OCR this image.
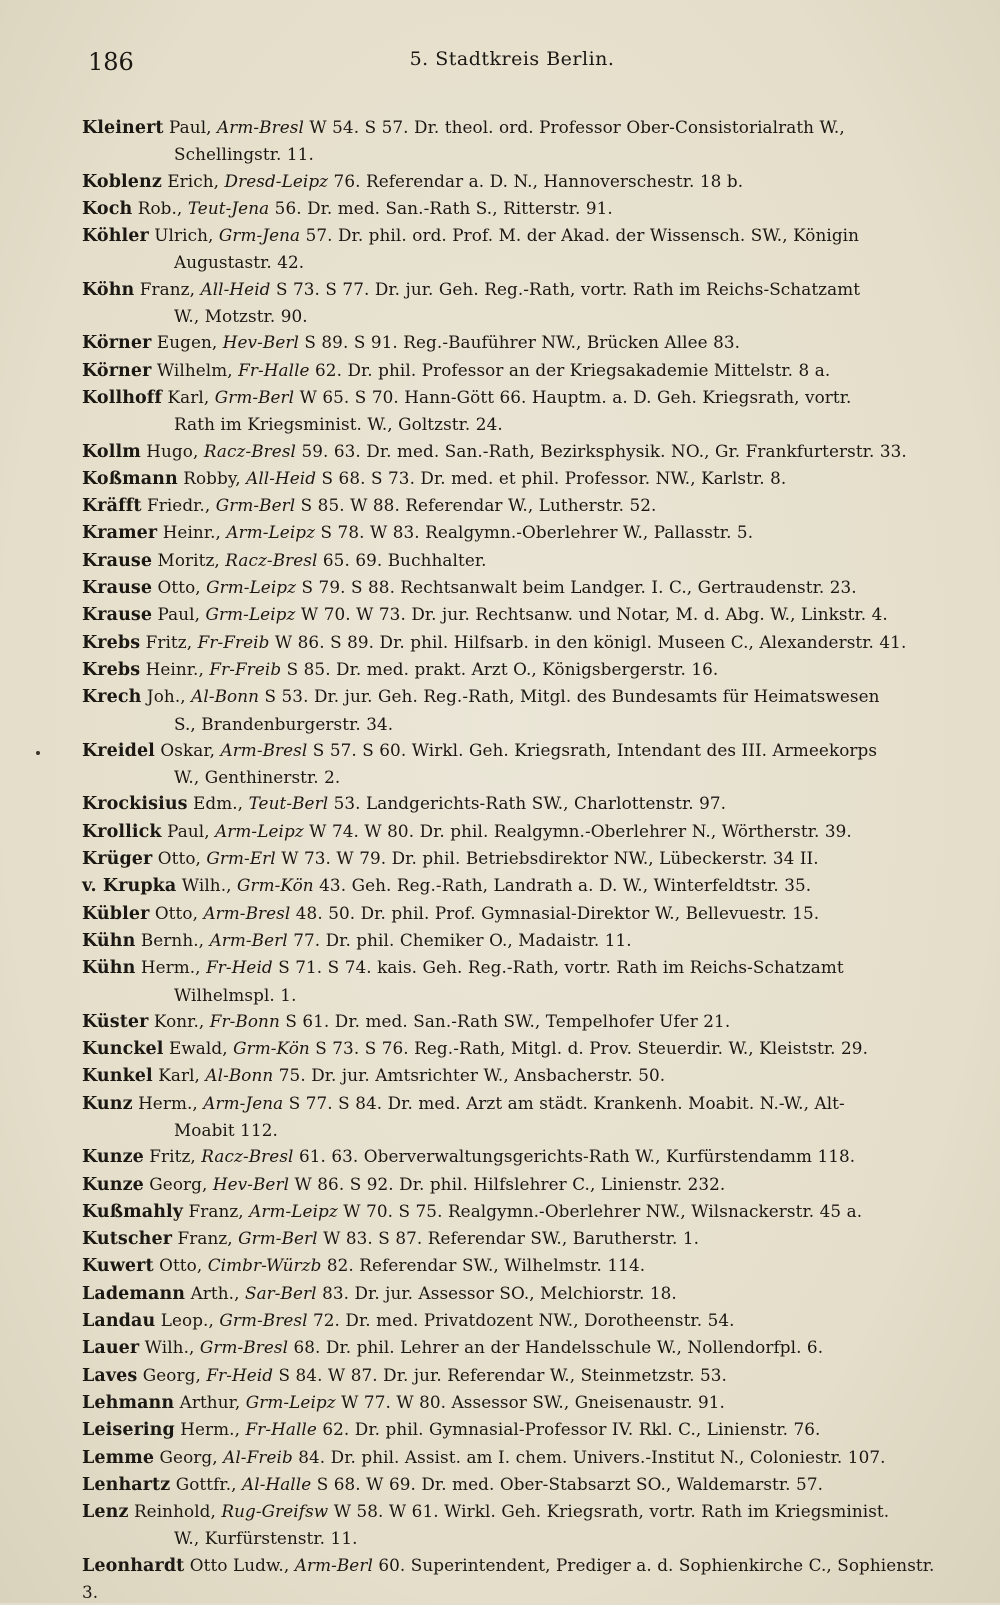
186	5. Stadtkreis Berlin.
Kleinert Paul, Arm-Bresl W 54. S 57. Dr. theol. ord. Professor Ober-Consistorialrath W.,
Schellingstr. 11.
Koblenz Erich, Dresd-Leipz 76. Referendar a. D. N., Hannoverschestr. 18 b.
Koch Rob., Teut-Jena 56. Dr. med. San.-Rath S., Ritterstr. 91.
Köhler Ulrich, Grm-Jena 57. Dr. phil. ord. Prof. M. der Akad. der Wissensch. SW., Königin
Augustastr. 42.
Köhn Franz, All-Heid S 73. S 77. Dr. jur. Geh. Reg.-Rath, vortr. Rath im Reichs-Schatzamt
W., Motzstr. 90.
Körner Eugen, Hev-Berl S 89. S 91. Reg.-Bauführer NW., Brücken Allee 83.
Körner Wilhelm, Fr-Halle 62. Dr. phil. Professor an der Kriegsakademie Mittelstr. 8 a.
Kollhoff Karl, Grm-Berl W 65. S 70. Hann-Gött 66. Hauptm. a. D. Geh. Kriegsrath, vortr.
Rath im Kriegsminist. W., Goltzstr. 24.
Kollm Hugo, Racz-Bresl 59. 63. Dr. med. San.-Rath, Bezirksphysik. NO., Gr. Frankfurterstr. 33.
Koßmann Robby, All-Heid S 68. S 73. Dr. med. et phil. Professor. NW., Karlstr. 8.
Kräfft Friedr., Grm-Berl S 85. W 88. Referendar W., Lutherstr. 52.
Kramer Heinr., Arm-Leipz S 78. W 83. Realgymn.-Oberlehrer W., Pallasstr. 5.
Krause Moritz, Racz-Bresl 65. 69. Buchhalter.
Krause Otto, Grm-Leipz S 79. S 88. Rechtsanwalt beim Landger. I. C., Gertraudenstr. 23.
Krause Paul, Grm-Leipz W 70. W 73. Dr. jur. Rechtsanw. und Notar, M. d. Abg. W., Linkstr. 4.
Krebs Fritz, Fr-Freib W 86. S 89. Dr. phil. Hilfsarb. in den königl. Museen C., Alexanderstr. 41.
Krebs Heinr., Fr-Freib S 85. Dr. med. prakt. Arzt O., Königsbergerstr. 16.
Krech Joh., Al-Bonn S 53. Dr. jur. Geh. Reg.-Rath, Mitgl. des Bundesamts für Heimatswesen
S., Brandenburgerstr. 34.
Kreidel Oskar, Arm-Bresl S 57. S 60. Wirkl. Geh. Kriegsrath, Intendant des III. Armeekorps
W., Genthinerstr. 2.
Krockisius Edm., Teut-Berl 53. Landgerichts-Rath SW., Charlottenstr. 97.
Krollick Paul, Arm-Leipz W 74. W 80. Dr. phil. Realgymn.-Oberlehrer N., Wörtherstr. 39.
Krüger Otto, Grm-Erl W 73. W 79. Dr. phil. Betriebsdirektor NW., Lübeckerstr. 34 II.
v. Krupka Wilh., Grm-Kön 43. Geh. Reg.-Rath, Landrath a. D. W., Winterfeldtstr. 35.
Kübler Otto, Arm-Bresl 48. 50. Dr. phil. Prof. Gymnasial-Direktor W., Bellevuestr. 15.
Kühn Bernh., Arm-Berl 77. Dr. phil. Chemiker O., Madaistr. 11.
Kühn Herm., Fr-Heid S 71. S 74. kais. Geh. Reg.-Rath, vortr. Rath im Reichs-Schatzamt
Wilhelmspl. 1.
Küster Konr., Fr-Bonn S 61. Dr. med. San.-Rath SW., Tempelhofer Ufer 21.
Kunckel Ewald, Grm-Kön S 73. S 76. Reg.-Rath, Mitgl. d. Prov. Steuerdir. W., Kleiststr. 29.
Kunkel Karl, Al-Bonn 75. Dr. jur. Amtsrichter W., Ansbacherstr. 50.
Kunz Herm., Arm-Jena S 77. S 84. Dr. med. Arzt am städt. Krankenh. Moabit. N.-W., Alt-
Moabit 112.
Kunze Fritz, Racz-Bresl 61. 63. Oberverwaltungsgerichts-Rath W., Kurfürstendamm 118.
Kunze Georg, Hev-Berl W 86. S 92. Dr. phil. Hilfslehrer C., Linienstr. 232.
Kußmahly Franz, Arm-Leipz W 70. S 75. Realgymn.-Oberlehrer NW., Wilsnackerstr. 45 a.
Kutscher Franz, Grm-Berl W 83. S 87. Referendar SW., Barutherstr. 1.
Kuwert Otto, Cimbr-Würzb 82. Referendar SW., Wilhelmstr. 114.
Lademann Arth., Sar-Berl 83. Dr. jur. Assessor SO., Melchiorstr. 18.
Landau Leop., Grm-Bresl 72. Dr. med. Privatdozent NW., Dorotheenstr. 54.
Lauer Wilh., Grm-Bresl 68. Dr. phil. Lehrer an der Handelsschule W., Nollendorfpl. 6.
Laves Georg, Fr-Heid S 84. W 87. Dr. jur. Referendar W., Steinmetzstr. 53.
Lehmann Arthur, Grm-Leipz W 77. W 80. Assessor SW., Gneisenaustr. 91.
Leisering Herm., Fr-Halle 62. Dr. phil. Gymnasial-Professor IV. Rkl. C., Linienstr. 76.
Lemme Georg, Al-Freib 84. Dr. phil. Assist. am I. chem. Univers.-Institut N., Coloniestr. 107.
Lenhartz Gottfr., Al-Halle S 68. W 69. Dr. med. Ober-Stabsarzt SO., Waldemarstr. 57.
Lenz Reinhold, Rug-Greifsw W 58. W 61. Wirkl. Geh. Kriegsrath, vortr. Rath im Kriegsminist.
W., Kurfürstenstr. 11.
Leonhardt Otto Ludw., Arm-Berl 60. Superintendent, Prediger a. d. Sophienkirche C., Sophienstr. 3.
